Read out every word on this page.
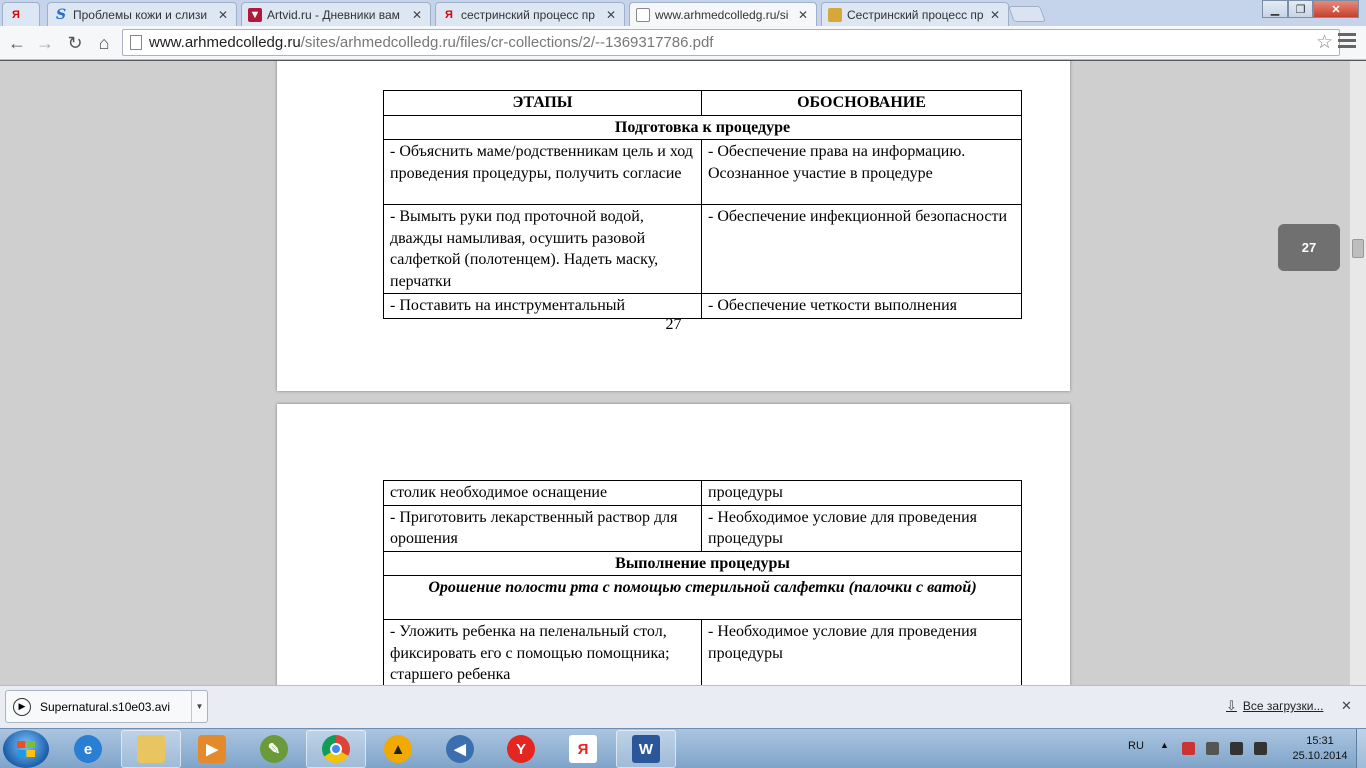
Я	S Проблемы кожи и слизи ✕ ▼ Artvid.ru - Дневники вам	✕ Я сестринский процесс пр ✕	www.arhmedcolledg.ru/si ✕	Сестринский процесс пр ✕	▁	❐	✕
← → ↻ ⌂	www.arhmedcolledg.ru /sites/arhmedcolledg.ru/files/cr-collections/2/--1369317786.pdf	☆
ЭТАПЫ	ОБОСНОВАНИЕ
Подготовка к процедуре	
- Объяснить маме/родственникам цель и ход проведения процедуры, получить согласие	- Обеспечение права на информацию. Осознанное участие в процедуре
- Вымыть руки под проточной водой, дважды намыливая, осушить разовой салфеткой (полотенцем). Надеть маску, перчатки	- Обеспечение инфекционной безопасности
- Поставить на инструментальный	- Обеспечение четкости выполнения
27
столик необходимое оснащение	процедуры
- Приготовить лекарственный раствор для орошения	- Необходимое условие для проведения процедуры
Выполнение процедуры	
Орошение полости рта с помощью стерильной салфетки (палочки с ватой)	
- Уложить ребенка на пеленальный стол, фиксировать его с помощью помощника; старшего ребенка	- Необходимое условие для проведения процедуры
27
▶	Supernatural.s10e03.avi	▼	⇩ Все загрузки... ✕
e	▶	✎	▲	◀	Y	Я	W	RU ▲	15:31
25.10.2014
